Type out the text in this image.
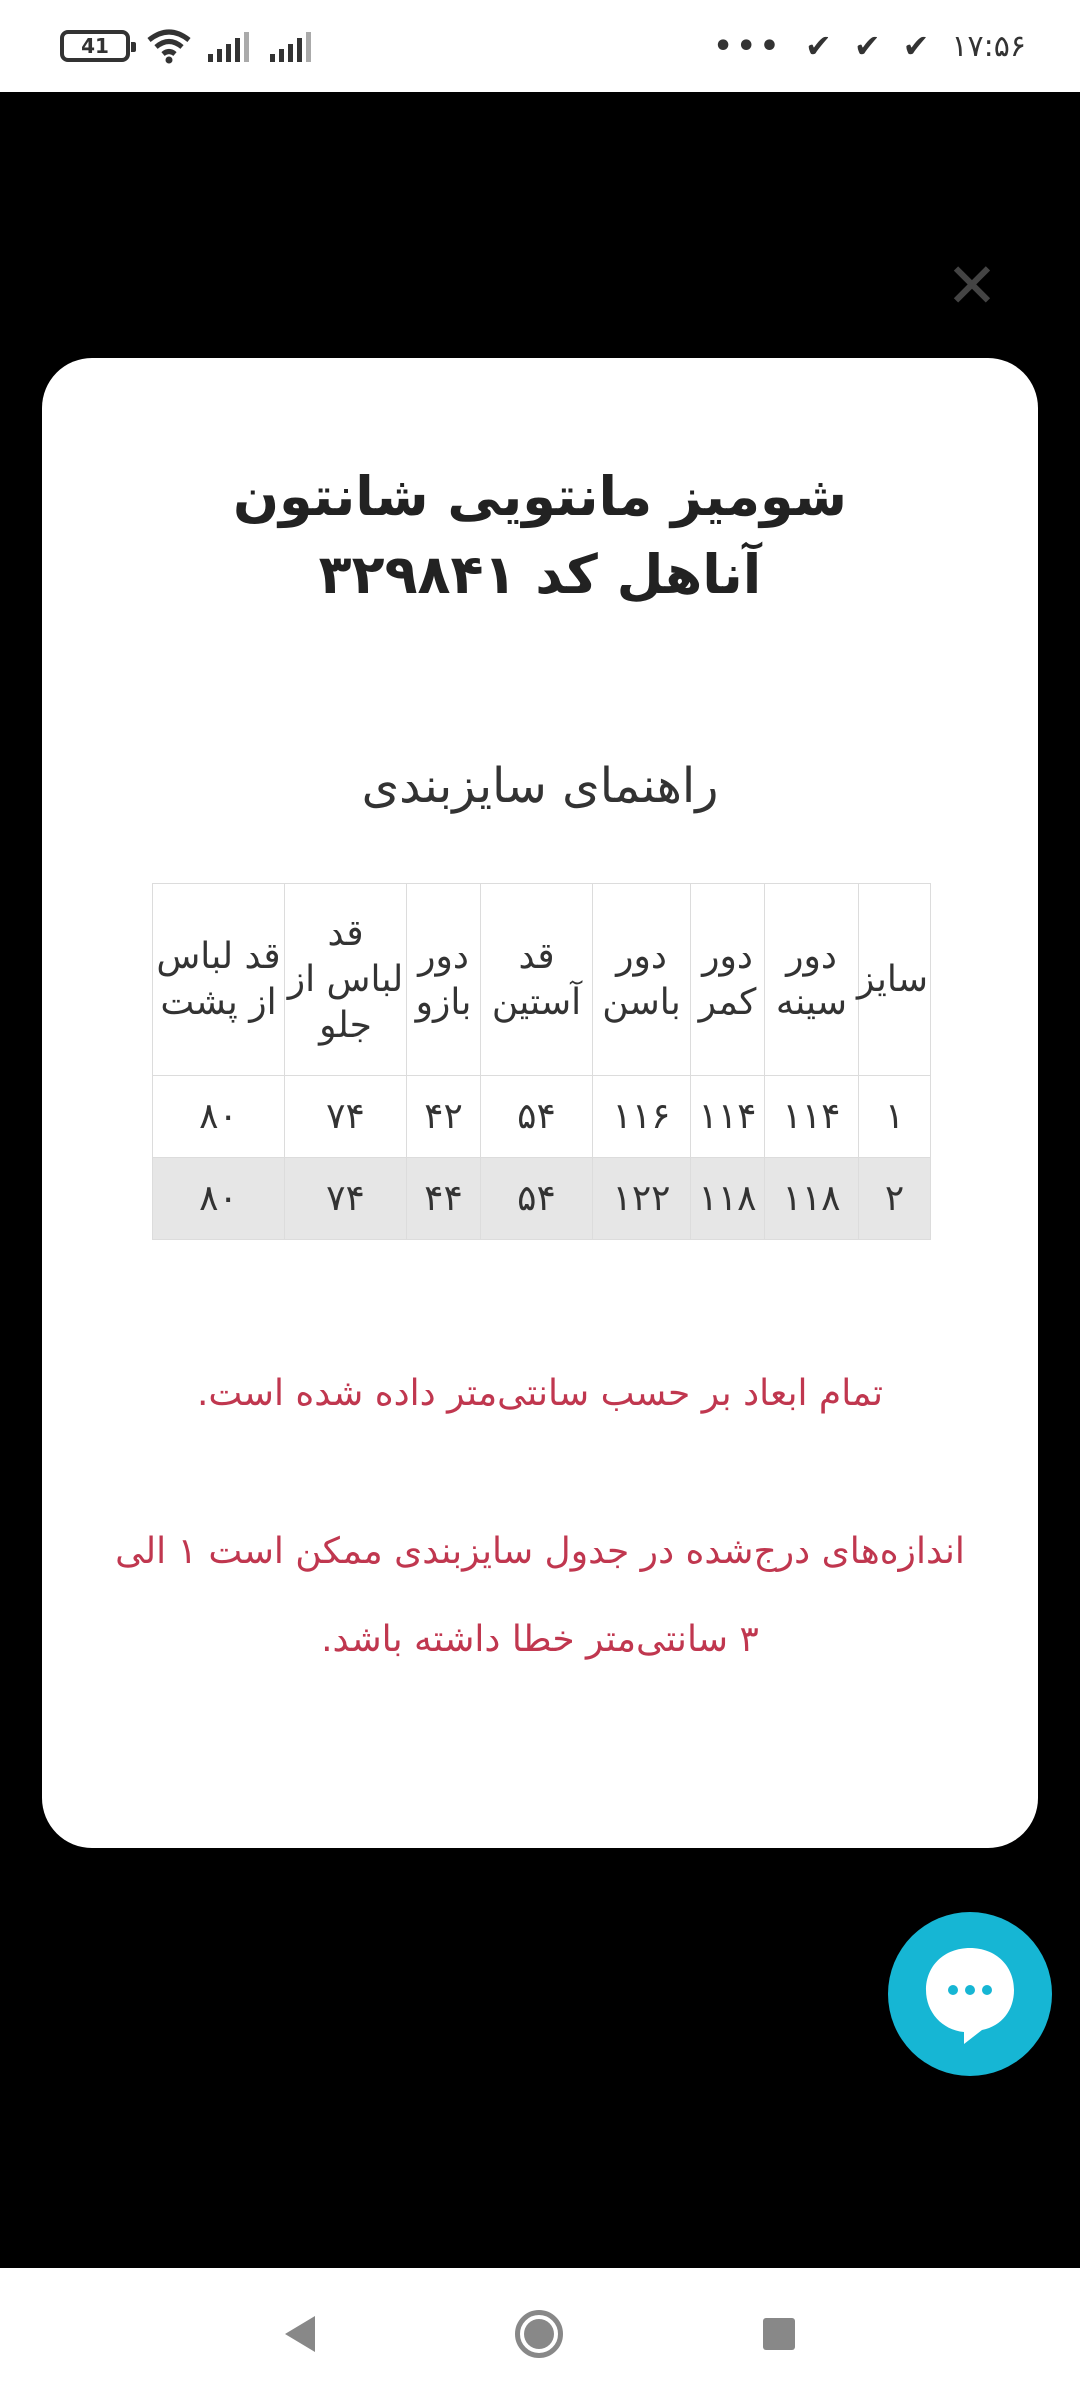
41	••• ✔ ✔ ✔ ۱۷:۵۶
✕
شومیز مانتویی شانتون آناهل کد ۳۲۹۸۴۱
راهنمای سایزبندی
سایز	دور سینه	دور کمر	دور باسن	قد آستین	دور بازو	قد لباس از جلو	قد لباس از پشت
۱	۱۱۴	۱۱۴	۱۱۶	۵۴	۴۲	۷۴	۸۰
۲	۱۱۸	۱۱۸	۱۲۲	۵۴	۴۴	۷۴	۸۰
تمام ابعاد بر حسب سانتی‌متر داده شده است.
اندازه‌های درج‌شده در جدول سایزبندی ممکن است ۱ الی ۳ سانتی‌متر خطا داشته باشد.
